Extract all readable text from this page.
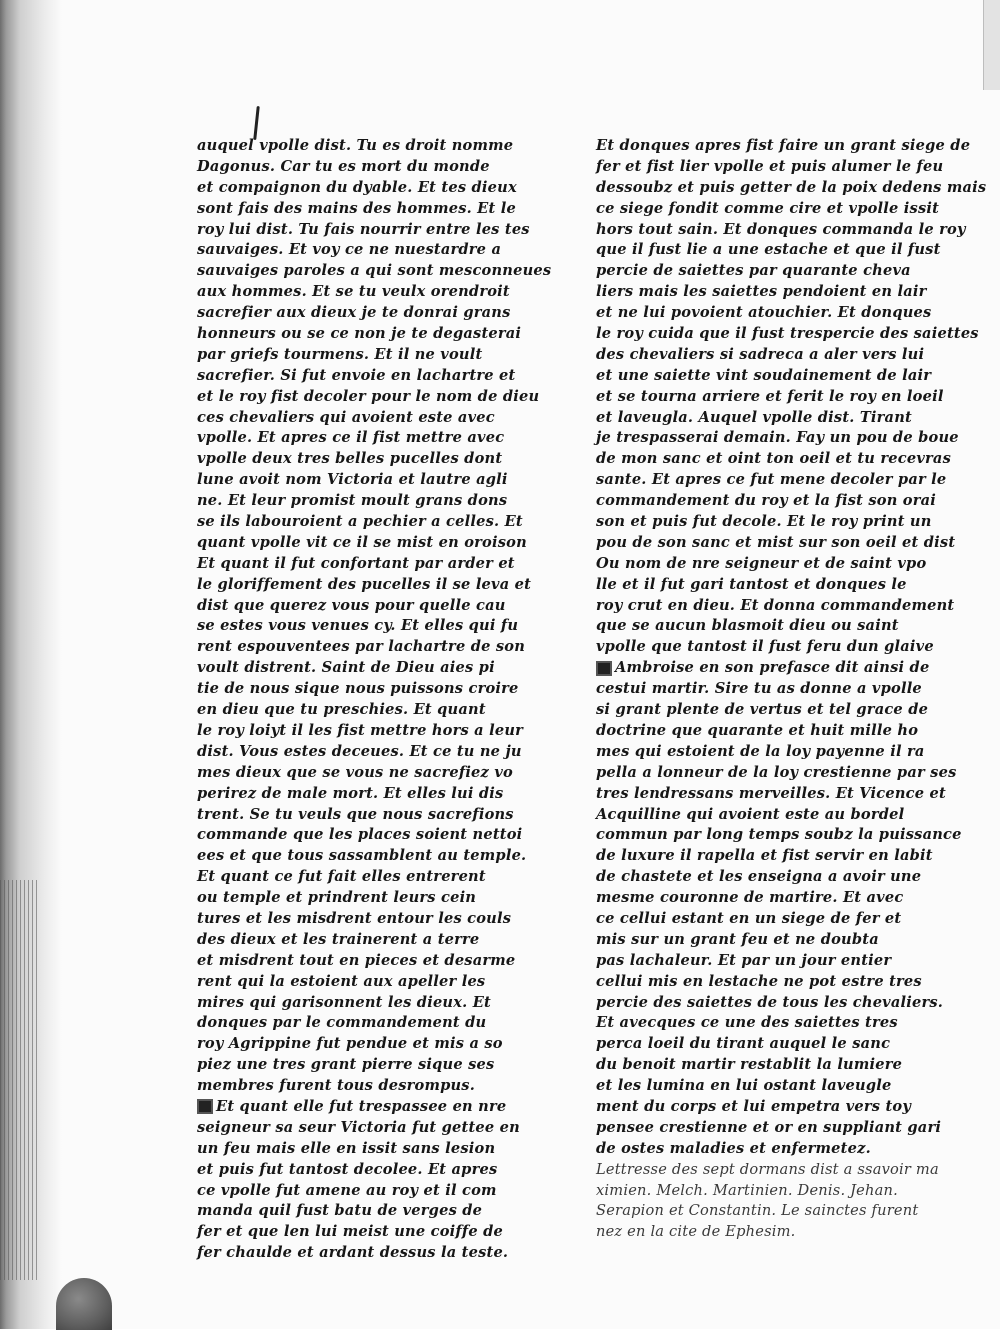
auquel vpolle dist. Tu es droit nomme
Dagonus. Car tu es mort du monde
et compaignon du dyable. Et tes dieux
sont fais des mains des hommes. Et le
roy lui dist. Tu fais nourrir entre les tes
sauvaiges. Et voy ce ne nuestardre a
sauvaiges paroles a qui sont mesconneues
aux hommes. Et se tu veulx orendroit
sacrefier aux dieux je te donrai grans
honneurs ou se ce non je te degasterai
par griefs tourmens. Et il ne voult
sacrefier. Si fut envoie en lachartre et
et le roy fist decoler pour le nom de dieu
ces chevaliers qui avoient este avec
vpolle. Et apres ce il fist mettre avec
vpolle deux tres belles pucelles dont
lune avoit nom Victoria et lautre agli
ne. Et leur promist moult grans dons
se ils labouroient a pechier a celles. Et
quant vpolle vit ce il se mist en oroison
Et quant il fut confortant par arder et
le gloriffement des pucelles il se leva et
dist que querez vous pour quelle cau
se estes vous venues cy. Et elles qui fu
rent espouventees par lachartre de son
voult distrent. Saint de Dieu aies pi
tie de nous sique nous puissons croire
en dieu que tu preschies. Et quant
le roy loiyt il les fist mettre hors a leur
dist. Vous estes deceues. Et ce tu ne ju
mes dieux que se vous ne sacrefiez vo
perirez de male mort. Et elles lui dis
trent. Se tu veuls que nous sacrefions
commande que les places soient nettoi
ees et que tous sassamblent au temple.
Et quant ce fut fait elles entrerent
ou temple et prindrent leurs cein
tures et les misdrent entour les couls
des dieux et les trainerent a terre
et misdrent tout en pieces et desarme
rent qui la estoient aux apeller les
mires qui garisonnent les dieux. Et
donques par le commandement du
roy Agrippine fut pendue et mis a so
piez une tres grant pierre sique ses
membres furent tous desrompus.
Et quant elle fut trespassee en nre
seigneur sa seur Victoria fut gettee en
un feu mais elle en issit sans lesion
et puis fut tantost decolee. Et apres
ce vpolle fut amene au roy et il com
manda quil fust batu de verges de
fer et que len lui meist une coiffe de
fer chaulde et ardant dessus la teste.
Et donques apres fist faire un grant siege de
fer et fist lier vpolle et puis alumer le feu
dessoubz et puis getter de la poix dedens mais
ce siege fondit comme cire et vpolle issit
hors tout sain. Et donques commanda le roy
que il fust lie a une estache et que il fust
percie de saiettes par quarante cheva
liers mais les saiettes pendoient en lair
et ne lui povoient atouchier. Et donques
le roy cuida que il fust trespercie des saiettes
des chevaliers si sadreca a aler vers lui
et une saiette vint soudainement de lair
et se tourna arriere et ferit le roy en loeil
et laveugla. Auquel vpolle dist. Tirant
je trespasserai demain. Fay un pou de boue
de mon sanc et oint ton oeil et tu recevras
sante. Et apres ce fut mene decoler par le
commandement du roy et la fist son orai
son et puis fut decole. Et le roy print un
pou de son sanc et mist sur son oeil et dist
Ou nom de nre seigneur et de saint vpo
lle et il fut gari tantost et donques le
roy crut en dieu. Et donna commandement
que se aucun blasmoit dieu ou saint
vpolle que tantost il fust feru dun glaive
Ambroise en son prefasce dit ainsi de
cestui martir. Sire tu as donne a vpolle
si grant plente de vertus et tel grace de
doctrine que quarante et huit mille ho
mes qui estoient de la loy payenne il ra
pella a lonneur de la loy crestienne par ses
tres lendressans merveilles. Et Vicence et
Acquilline qui avoient este au bordel
commun par long temps soubz la puissance
de luxure il rapella et fist servir en labit
de chastete et les enseigna a avoir une
mesme couronne de martire. Et avec
ce cellui estant en un siege de fer et
mis sur un grant feu et ne doubta
pas lachaleur. Et par un jour entier
cellui mis en lestache ne pot estre tres
percie des saiettes de tous les chevaliers.
Et avecques ce une des saiettes tres
perca loeil du tirant auquel le sanc
du benoit martir restablit la lumiere
et les lumina en lui ostant laveugle
ment du corps et lui empetra vers toy
pensee crestienne et or en suppliant gari
de ostes maladies et enfermetez.
Lettresse des sept dormans dist a ssavoir ma
ximien. Melch. Martinien. Denis. Jehan.
Serapion et Constantin. Le sainctes furent
nez en la cite de Ephesim.
